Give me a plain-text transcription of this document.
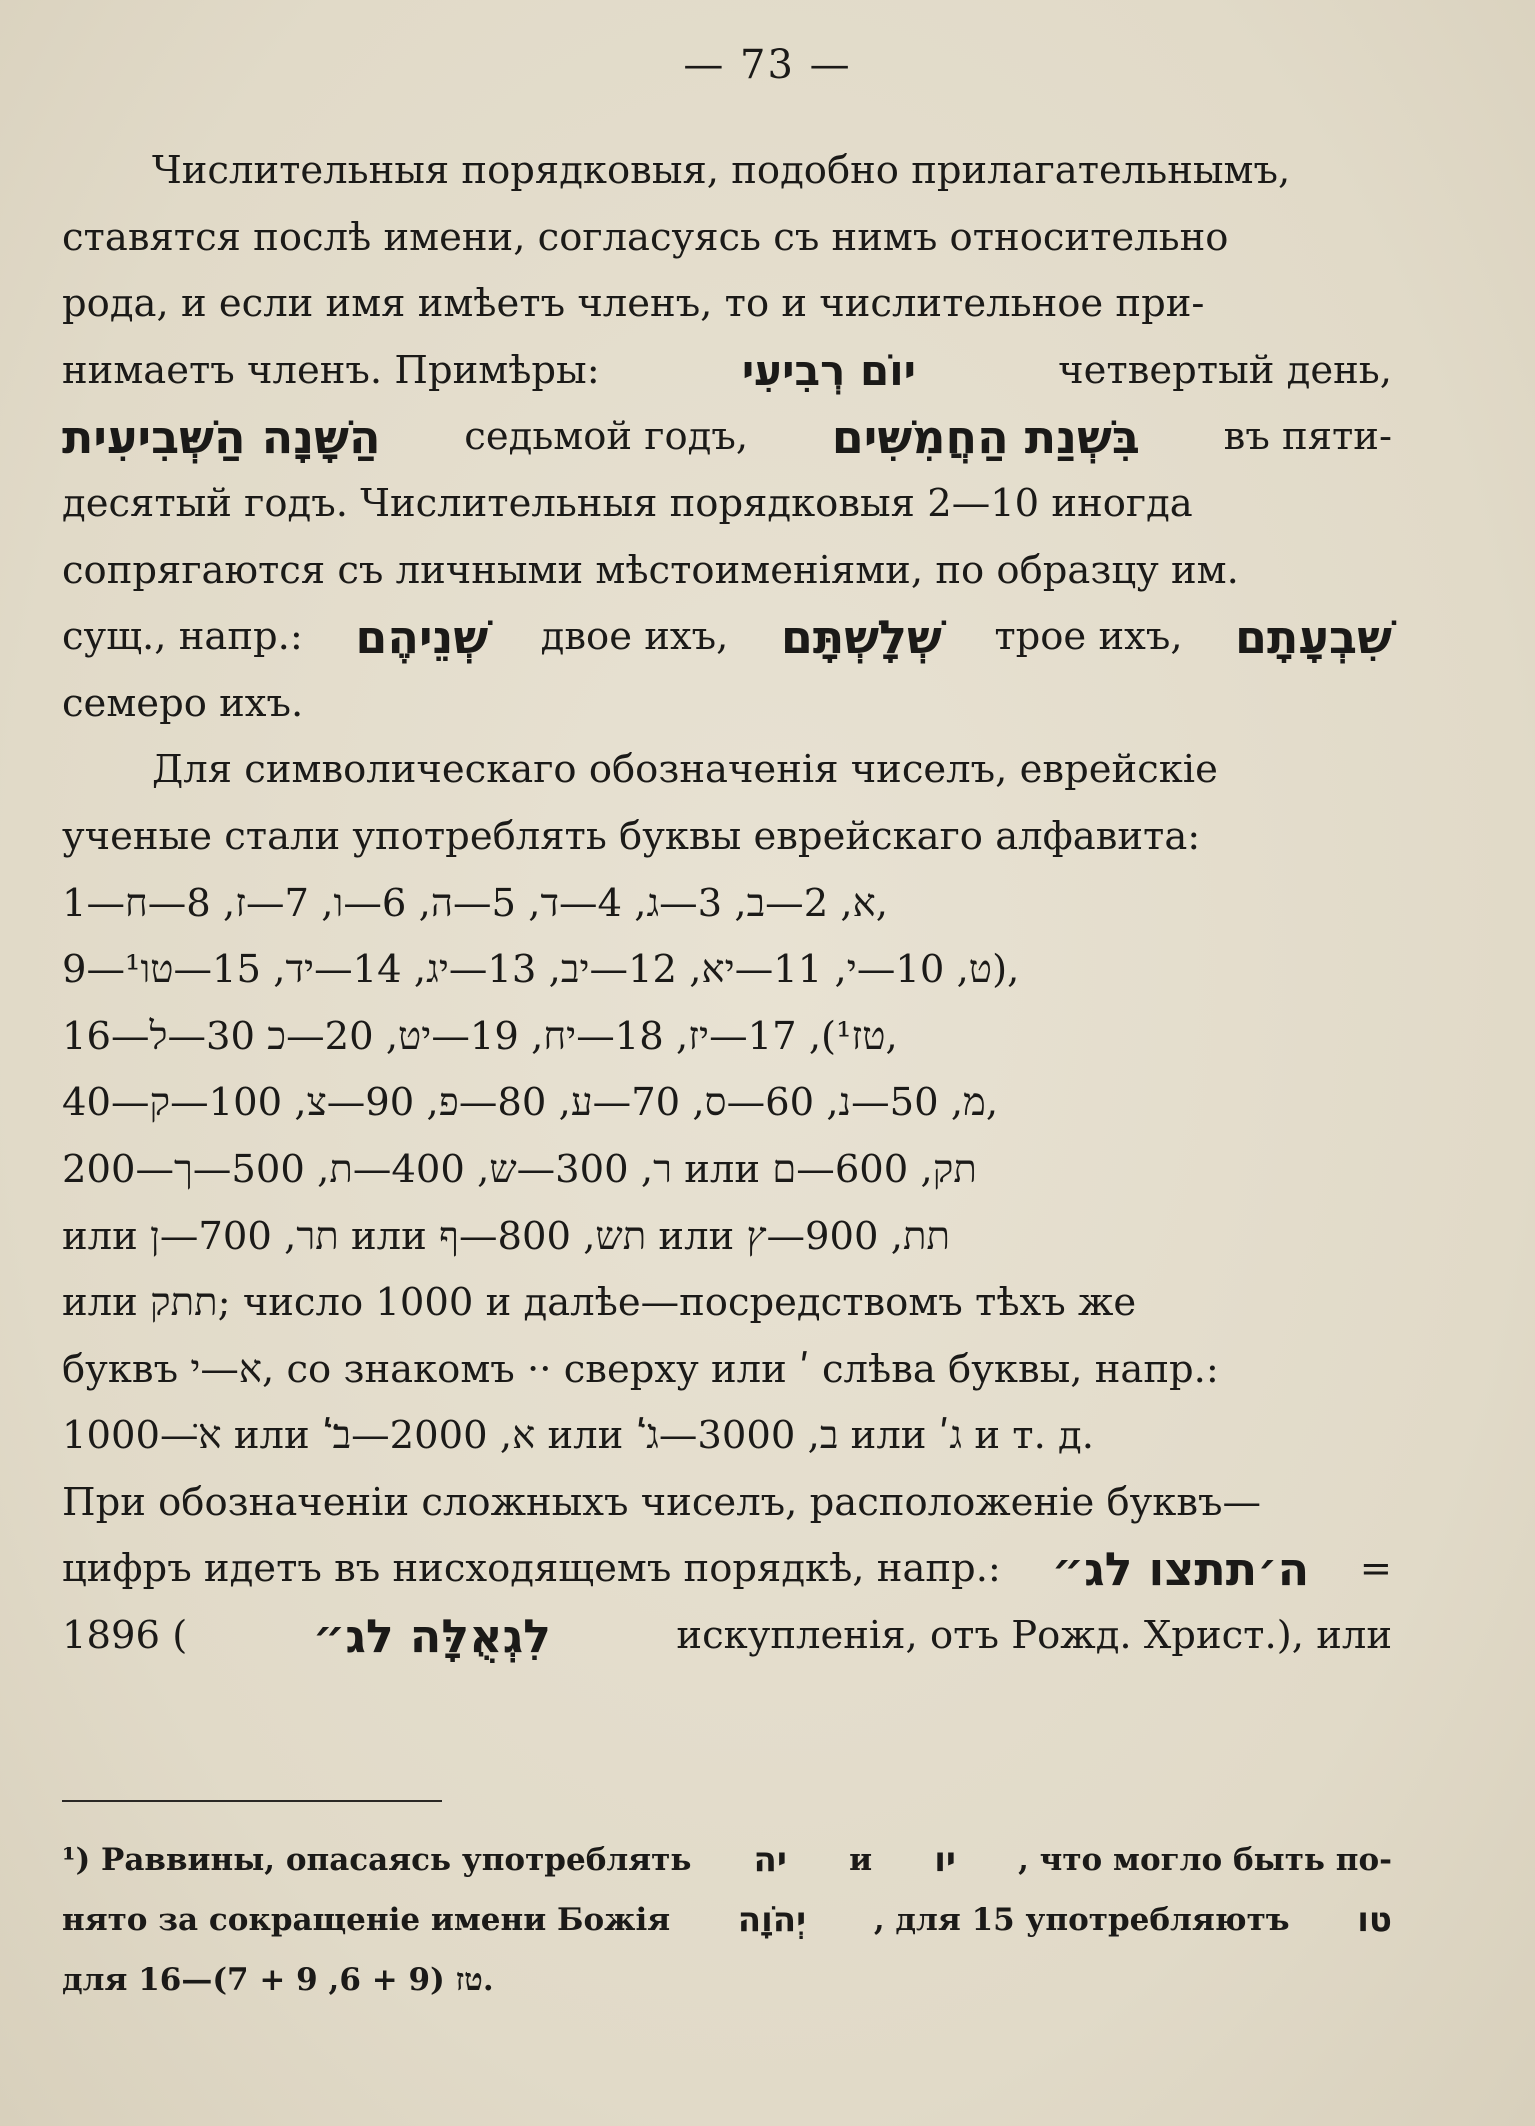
— 73 —
Числительныя порядковыя, подобно прилагательнымъ,
ставятся послѣ имени, согласуясь съ нимъ относительно
рода, и если имя имѣетъ членъ, то и числительное при-
нимаетъ членъ. Примѣры:	יוֹם רְבִיעִי	четвертый день,
הַשָּׁנָה הַשְּׁבִיעִית седьмой годъ, בִּשְׁנַת הַחֲמִשִּׁים въ пяти-
десятый годъ. Числительныя порядковыя 2—10 иногда
сопрягаются съ личными мѣстоименіями, по образцу им.
сущ., напр.: שְׁנֵיהֶם двое ихъ, שְׁלָשְׁתָּם трое ихъ, שִׁבְעָתָם
семеро ихъ.
Для символическаго обозначенія чиселъ, еврейскіе
ученые стали употреблять буквы еврейскаго алфавита:
1—א, 2—ב, 3—ג, 4—ד, 5—ה, 6—ו, 7—ז, 8—ח,
9—ט, 10—י, 11—יא, 12—יב, 13—יג, 14—יד, 15—טו¹),
16—טז¹), 17—יז, 18—יח, 19—יט, 20—כ 30—ל,
40—מ, 50—נ, 60—ס, 70—ע, 80—פ, 90—צ, 100—ק,
200—ר, 300—ש, 400—ת, 500—ך или תק, 600—ם
или תר, 700—ן или תש, 800—ף или תת, 900—ץ
или תתק; число 1000 и далѣе—посредствомъ тѣхъ же
буквъ א—י, со знакомъ ·· сверху или ʹ слѣва буквы, напр.:
1000—א̈ или ʹא, 2000—ב̈ или ʹב, 3000—ג̈ или ʹג и т. д.
При обозначеніи сложныхъ чиселъ, расположеніе буквъ—
цифръ идетъ въ нисходящемъ порядкѣ, напр.: ה׳תתצו לג״ =
1896 (	לִגְאֻלָּה לג״	искупленія, отъ Рожд. Христ.), или
¹) Раввины, опасаясь употреблять יה и יו , что могло быть по-
нято за сокращеніе имени Божія יְהֹוָה , для 15 употребляютъ טו
для 16—טז (9 + 6, 9 + 7).
